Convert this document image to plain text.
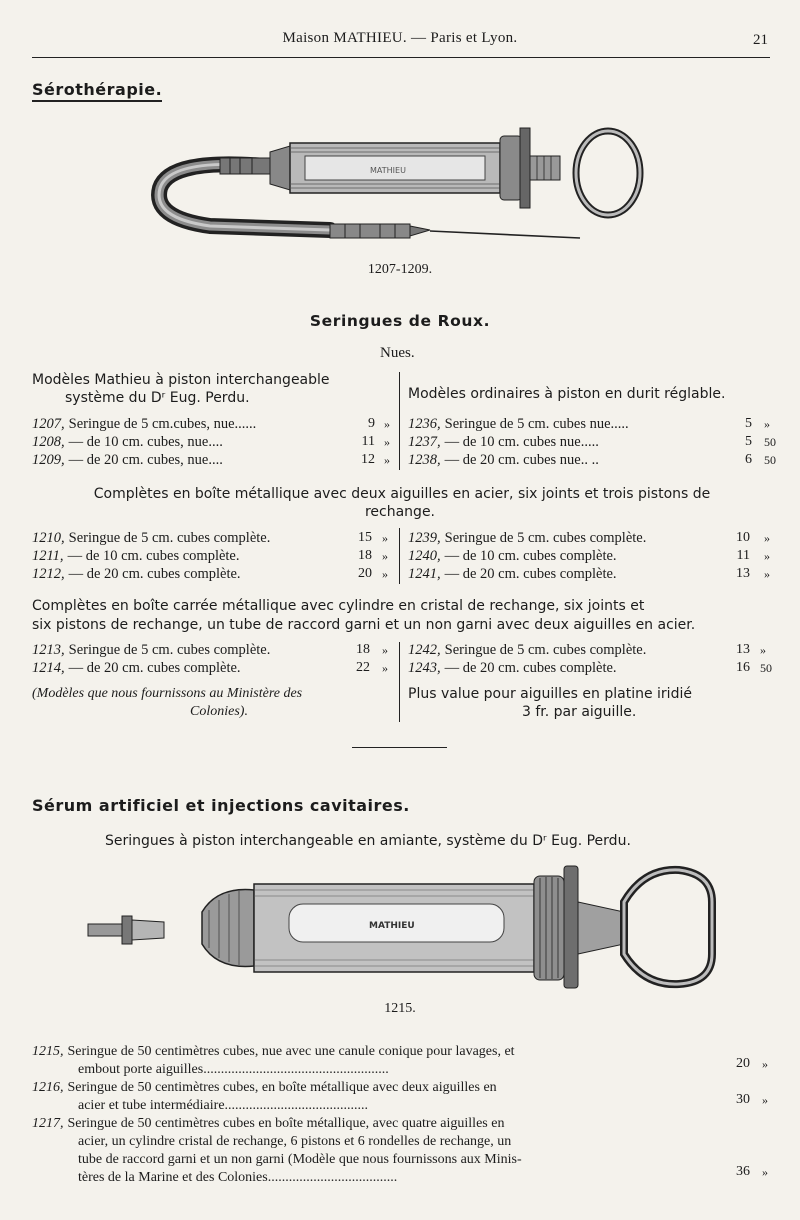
Maison MATHIEU. — Paris et Lyon.	21
Sérothérapie.
MATHIEU
1207-1209.
Seringues de Roux.
Nues.
Modèles Mathieu à piston interchangeable
système du Dʳ Eug. Perdu.	Modèles ordinaires à piston en durit réglable.
1207, Seringue de 5 cm.cubes, nue......	9 »
1208, — de 10 cm. cubes, nue....	11 »
1209, — de 20 cm. cubes, nue....	12 »
1236, Seringue de 5 cm. cubes nue.....	5 »
1237, — de 10 cm. cubes nue.....	5 50
1238, — de 20 cm. cubes nue.. ..	6 50
Complètes en boîte métallique avec deux aiguilles en acier, six joints et trois pistons de
rechange.
1210, Seringue de 5 cm. cubes complète.	15 »
1211, — de 10 cm. cubes complète.	18 »
1212, — de 20 cm. cubes complète.	20 »
1239, Seringue de 5 cm. cubes complète.	10 »
1240, — de 10 cm. cubes complète.	11 »
1241, — de 20 cm. cubes complète.	13 »
Complètes en boîte carrée métallique avec cylindre en cristal de rechange, six joints et
six pistons de rechange, un tube de raccord garni et un non garni avec deux aiguilles en acier.
1213, Seringue de 5 cm. cubes complète.	18 »
1214, — de 20 cm. cubes complète.	22 »
1242, Seringue de 5 cm. cubes complète.	13 »
1243, — de 20 cm. cubes complète.	16 50
(Modèles que nous fournissons au Ministère des
Colonies).
Plus value pour aiguilles en platine iridié
3 fr. par aiguille.
Sérum artificiel et injections cavitaires.
Seringues à piston interchangeable en amiante, système du Dʳ Eug. Perdu.
MATHIEU
1215.
1215, Seringue de 50 centimètres cubes, nue avec une canule conique pour lavages, et
embout porte aiguilles.....................................................	20 »
1216, Seringue de 50 centimètres cubes, en boîte métallique avec deux aiguilles en
acier et tube intermédiaire.........................................	30 »
1217, Seringue de 50 centimètres cubes en boîte métallique, avec quatre aiguilles en
acier, un cylindre cristal de rechange, 6 pistons et 6 rondelles de rechange, un
tube de raccord garni et un non garni (Modèle que nous fournissons aux Minis-
tères de la Marine et des Colonies.....................................	36 »
